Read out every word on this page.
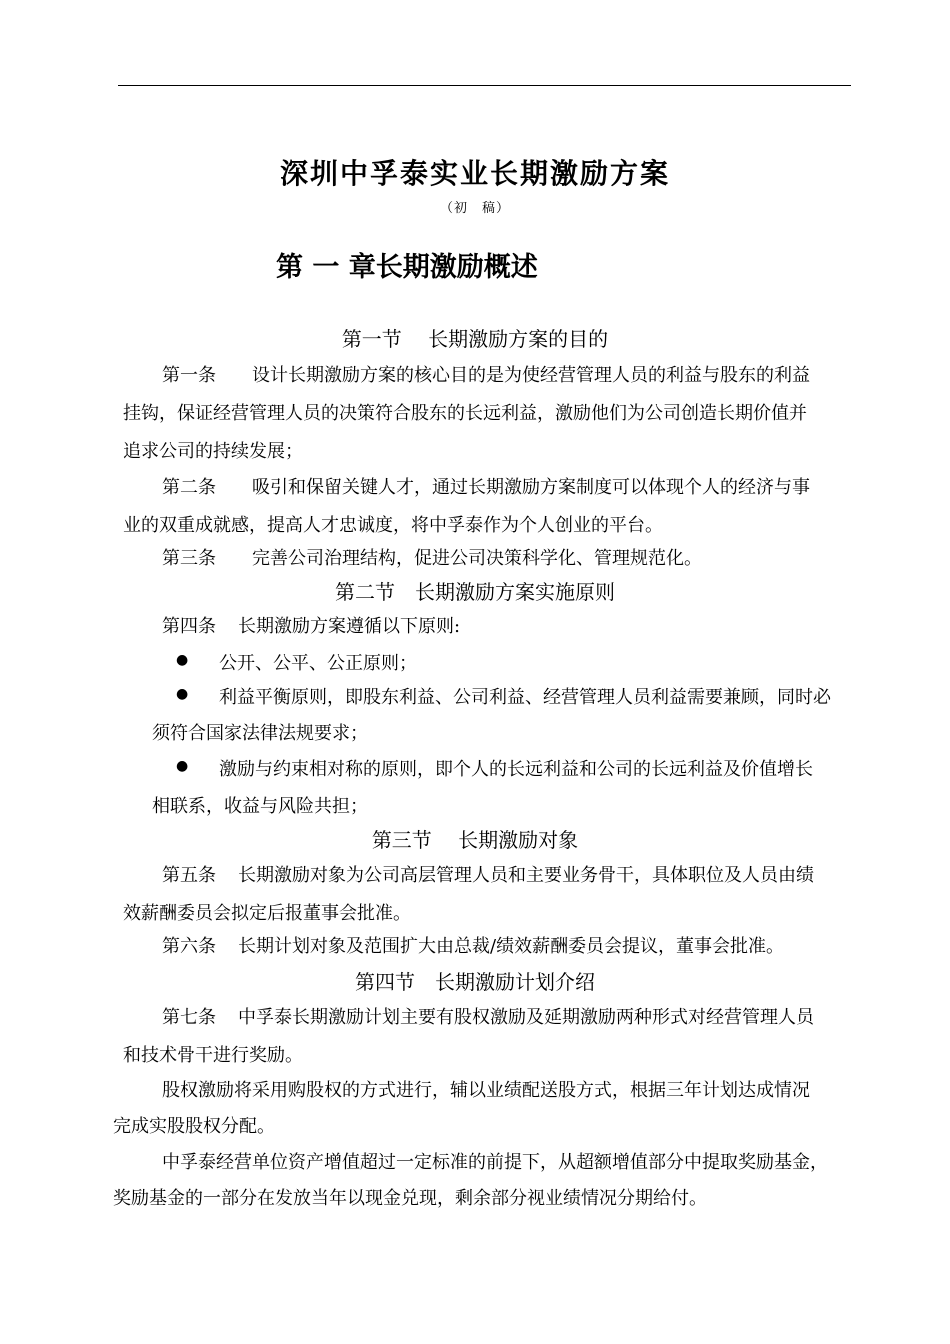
深圳中孚泰实业长期激励方案
（初　稿）
第 一 章长期激励概述
第一节　 长期激励方案的目的
第一条 设计长期激励方案的核心目的是为使经营管理人员的利益与股东的利益
挂钩，保证经营管理人员的决策符合股东的长远利益，激励他们为公司创造长期价值并
追求公司的持续发展；
第二条 吸引和保留关键人才，通过长期激励方案制度可以体现个人的经济与事
业的双重成就感，提高人才忠诚度，将中孚泰作为个人创业的平台。
第三条 完善公司治理结构，促进公司决策科学化、管理规范化。
第二节　长期激励方案实施原则
第四条 长期激励方案遵循以下原则:
● 公开、公平、公正原则；
● 利益平衡原则，即股东利益、公司利益、经营管理人员利益需要兼顾，同时必
须符合国家法律法规要求；
● 激励与约束相对称的原则，即个人的长远利益和公司的长远利益及价值增长
相联系，收益与风险共担；
第三节　 长期激励对象
第五条 长期激励对象为公司高层管理人员和主要业务骨干，具体职位及人员由绩
效薪酬委员会拟定后报董事会批准。
第六条 长期计划对象及范围扩大由总裁/绩效薪酬委员会提议，董事会批准。
第四节　长期激励计划介绍
第七条 中孚泰长期激励计划主要有股权激励及延期激励两种形式对经营管理人员
和技术骨干进行奖励。
股权激励将采用购股权的方式进行，辅以业绩配送股方式，根据三年计划达成情况
完成实股股权分配。
中孚泰经营单位资产增值超过一定标准的前提下，从超额增值部分中提取奖励基金，
奖励基金的一部分在发放当年以现金兑现，剩余部分视业绩情况分期给付。
